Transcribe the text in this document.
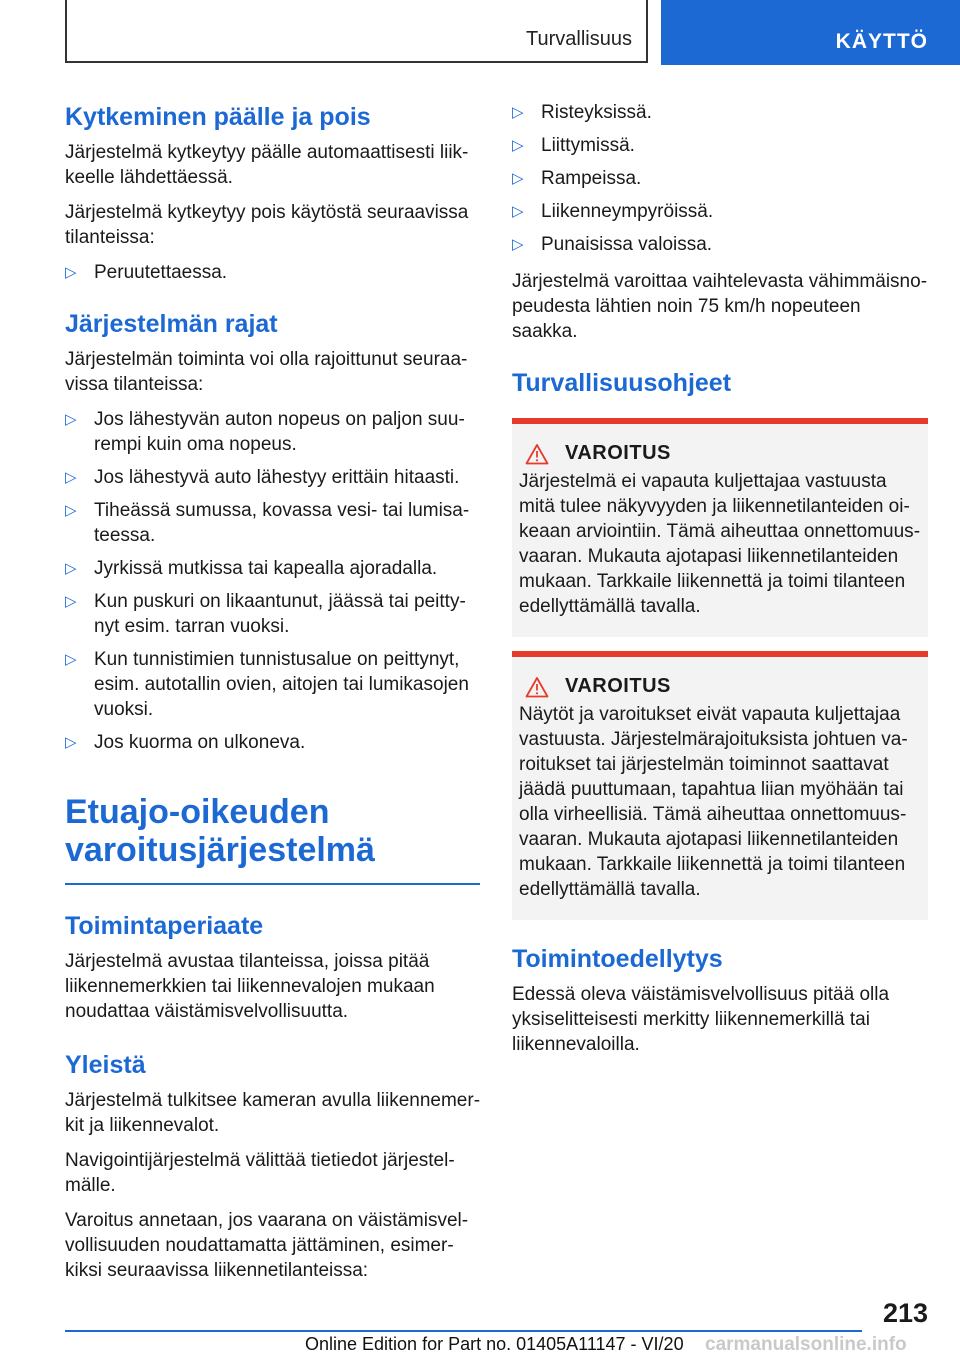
Turvallisuus	KÄYTTÖ
Kytkeminen päälle ja pois

Järjestelmä kytkeytyy päälle automaattisesti liikkeelle lähdettäessä.

Järjestelmä kytkeytyy pois käytöstä seuraavissa tilanteissa:

▷ Peruutettaessa.
Järjestelmän rajat

Järjestelmän toiminta voi olla rajoittunut seuraavissa tilanteissa:

▷ Jos lähestyvän auton nopeus on paljon suurempi kuin oma nopeus.
▷ Jos lähestyvä auto lähestyy erittäin hitaasti.
▷ Tiheässä sumussa, kovassa vesi- tai lumisateessa.
▷ Jyrkissä mutkissa tai kapealla ajoradalla.
▷ Kun puskuri on likaantunut, jäässä tai peittynyt esim. tarran vuoksi.
▷ Kun tunnistimien tunnistusalue on peittynyt, esim. autotallin ovien, aitojen tai lumikasojen vuoksi.
▷ Jos kuorma on ulkoneva.
Etuajo-oikeuden varoitusjärjestelmä
Toimintaperiaate

Järjestelmä avustaa tilanteissa, joissa pitää liikennemerkkien tai liikennevalojen mukaan noudattaa väistämisvelvollisuutta.

Yleistä

Järjestelmä tulkitsee kameran avulla liikennemerkit ja liikennevalot.

Navigointijärjestelmä välittää tietiedot järjestelmälle.

Varoitus annetaan, jos vaarana on väistämisvelvollisuuden noudattamatta jättäminen, esimerkiksi seuraavissa liikennetilanteissa:

▷ Risteyksissä.
▷ Liittymissä.
▷ Rampeissa.
▷ Liikenneympyröissä.
▷ Punaisissa valoissa.

Järjestelmä varoittaa vaihtelevasta vähimmäisnopeudesta lähtien noin 75 km/h nopeuteen saakka.

Turvallisuusohjeet
VAROITUS

Järjestelmä ei vapauta kuljettajaa vastuusta mitä tulee näkyvyyden ja liikennetilanteiden oikeaan arviointiin. Tämä aiheuttaa onnettomuusvaaran. Mukauta ajotapasi liikennetilanteiden mukaan. Tarkkaile liikennettä ja toimi tilanteen edellyttämällä tavalla.

VAROITUS

Näytöt ja varoitukset eivät vapauta kuljettajaa vastuusta. Järjestelmärajoituksista johtuen varoitukset tai järjestelmän toiminnot saattavat jäädä puuttumaan, tapahtua liian myöhään tai olla virheellisiä. Tämä aiheuttaa onnettomuusvaaran. Mukauta ajotapasi liikennetilanteiden mukaan. Tarkkaile liikennettä ja toimi tilanteen edellyttämällä tavalla.

Toimintoedellytys

Edessä oleva väistämisvelvollisuus pitää olla yksiselitteisesti merkitty liikennemerkillä tai liikennevaloilla.

213
Online Edition for Part no. 01405A11147 - VI/20 carmanualsonline.info
